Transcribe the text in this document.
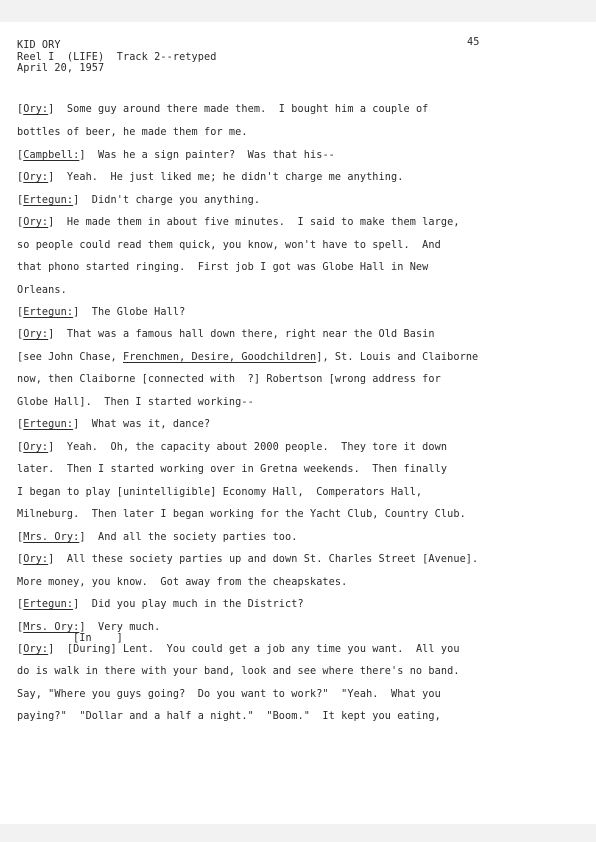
KID ORY
Reel I  (LIFE)  Track 2--retyped
April 20, 1957
45
[Ory:]  Some guy around there made them.  I bought him a couple of
bottles of beer, he made them for me.
[Campbell:]  Was he a sign painter?  Was that his--
[Ory:]  Yeah.  He just liked me; he didn't charge me anything.
[Ertegun:]  Didn't charge you anything.
[Ory:]  He made them in about five minutes.  I said to make them large,
so people could read them quick, you know, won't have to spell.  And
that phono started ringing.  First job I got was Globe Hall in New
Orleans.
[Ertegun:]  The Globe Hall?
[Ory:]  That was a famous hall down there, right near the Old Basin
[see John Chase, Frenchmen, Desire, Goodchildren], St. Louis and Claiborne
now, then Claiborne [connected with  ?] Robertson [wrong address for
Globe Hall].  Then I started working--
[Ertegun:]  What was it, dance?
[Ory:]  Yeah.  Oh, the capacity about 2000 people.  They tore it down
later.  Then I started working over in Gretna weekends.  Then finally
I began to play [unintelligible] Economy Hall,  Comperators Hall,
Milneburg.  Then later I began working for the Yacht Club, Country Club.
[Mrs. Ory:]  And all the society parties too.
[Ory:]  All these society parties up and down St. Charles Street [Avenue].
More money, you know.  Got away from the cheapskates.
[Ertegun:]  Did you play much in the District?
[Mrs. Ory:]  Very much.
[Ory:]  [During] Lent.  You could get a job any time you want.  All you
do is walk in there with your band, look and see where there's no band.
Say, "Where you guys going?  Do you want to work?"  "Yeah.  What you
paying?"  "Dollar and a half a night."  "Boom."  It kept you eating,
[In    ]
